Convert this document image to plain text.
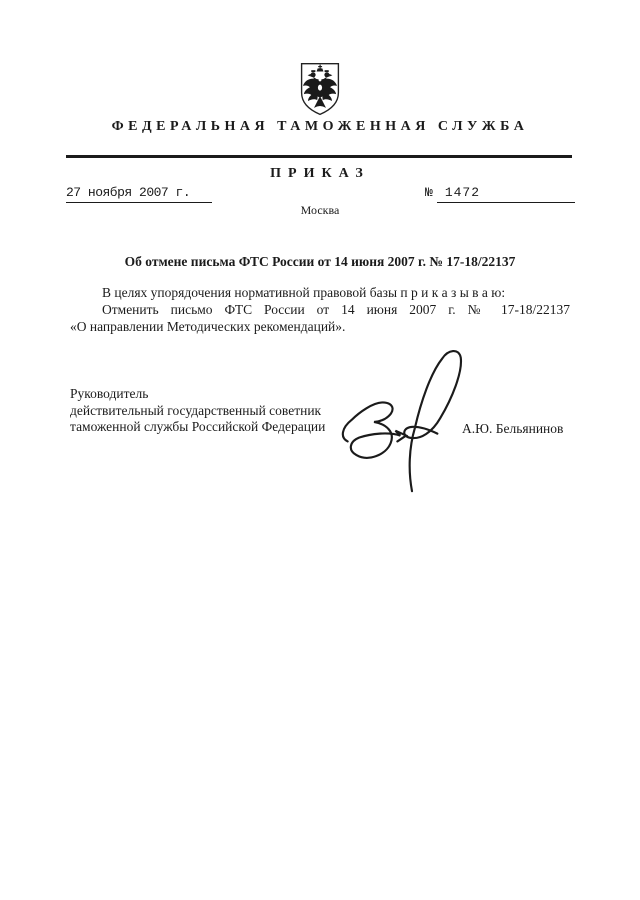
ФЕДЕРАЛЬНАЯ ТАМОЖЕННАЯ СЛУЖБА
ПРИКАЗ
27 ноября 2007 г.	№ 1472
Москва
Об отмене письма ФТС России от 14 июня 2007 г. № 17-18/22137

В целях упорядочения нормативной правовой базы п р и к а з ы в а ю:

Отменить письмо ФТС России от 14 июня 2007 г. № 17-18/22137

«О направлении Методических рекомендаций».

Руководитель

действительный государственный советник

таможенной службы Российской Федерации	А.Ю. Бельянинов
